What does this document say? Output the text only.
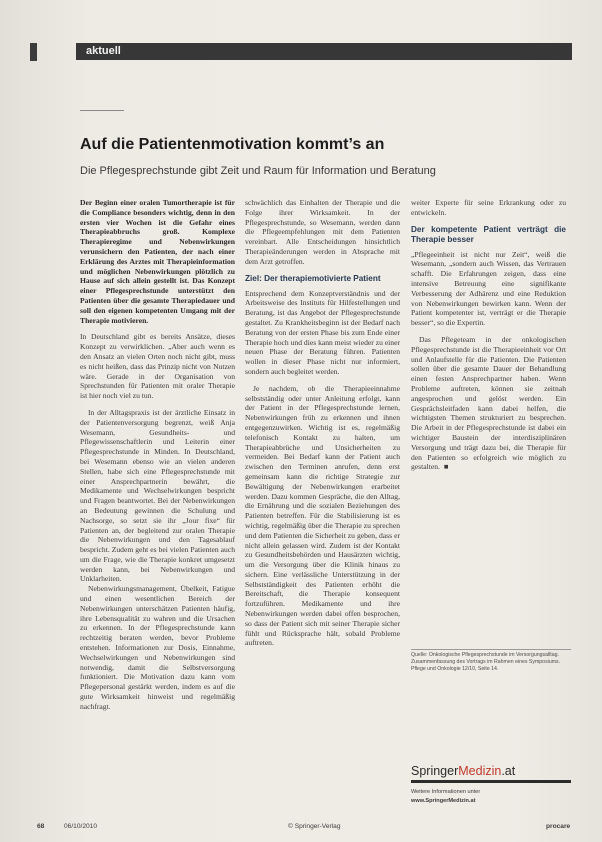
aktuell
Auf die Patientenmotivation kommt’s an
Die Pflegesprechstunde gibt Zeit und Raum für Information und Beratung

Der Beginn einer oralen Tumortherapie ist für die Compliance besonders wichtig, denn in den ersten vier Wochen ist die Gefahr eines Therapieabbruchs groß. Komplexe Therapieregime und Nebenwirkungen verunsichern den Patienten, der nach einer Erklärung des Arztes mit Therapieinformation und möglichen Nebenwirkungen plötzlich zu Hause auf sich allein gestellt ist. Das Konzept einer Pflegesprechstunde unterstützt den Patienten über die gesamte Therapiedauer und soll den eigenen kompetenten Umgang mit der Therapie motivieren.

In Deutschland gibt es bereits Ansätze, dieses Konzept zu verwirklichen. „Aber auch wenn es den Ansatz an vielen Orten noch nicht gibt, muss es nicht heißen, dass das Prinzip nicht von Nutzen wäre. Gerade in der Organisation von Sprechstunden für Patienten mit oraler Therapie ist hier noch viel zu tun.

In der Alltagspraxis ist der ärztliche Einsatz in der Patientenversorgung begrenzt, weiß Anja Wesemann, Gesundheits- und Pflegewissenschaftlerin und Leiterin einer Pflegesprechstunde in Minden. In Deutschland, bei Wesemann ebenso wie an vielen anderen Stellen, habe sich eine Pflegesprechstunde mit einer Ansprechpartnerin bewährt, die Medikamente und Wechselwirkungen bespricht und Fragen beantwortet. Bei der Nebenwirkungen an Bedeutung gewinnen die Schulung und Nachsorge, so setzt sie ihr „Jour fixe“ für Patienten an, der begleitend zur oralen Therapie die Nebenwirkungen und den Tagesablauf bespricht. Zudem geht es bei vielen Patienten auch um die Frage, wie die Therapie konkret umgesetzt werden kann, bei Nebenwirkungen und Unklarheiten.

Nebenwirkungsmanagement, Übelkeit, Fatigue und einen wesentlichen Bereich der Nebenwirkungen unterschätzen Patienten häufig, ihre Lebensqualität zu wahren und die Ursachen zu erkennen. In der Pflegesprechstunde kann rechtzeitig beraten werden, bevor Probleme entstehen. Informationen zur Dosis, Einnahme, Wechselwirkungen und Nebenwirkungen sind notwendig, damit die Selbstversorgung funktioniert. Die Motivation dazu kann vom Pflegepersonal gestärkt werden, indem es auf die gute Wirksamkeit hinweist und regelmäßig nachfragt.

schwächlich das Einhalten der Therapie und die Folge ihrer Wirksamkeit. In der Pflegesprechstunde, so Wesemann, werden dann die Pflegeempfehlungen mit dem Patienten vereinbart. Alle Entscheidungen hinsichtlich Therapieänderungen werden in Absprache mit dem Arzt getroffen.

Ziel: Der therapiemotivierte Patient

Entsprechend dem Konzeptverständnis und der Arbeitsweise des Instituts für Hilfestellungen und Beratung, ist das Angebot der Pflegesprechstunde gestaltet. Zu Krankheitsbeginn ist der Bedarf nach Beratung von der ersten Phase bis zum Ende einer Therapie hoch und dies kann meist wieder zu einer neuen Phase der Beratung führen. Patienten wollen in dieser Phase nicht nur informiert, sondern auch begleitet werden.

Je nachdem, ob die Therapieeinnahme selbstständig oder unter Anleitung erfolgt, kann der Patient in der Pflegesprechstunde lernen, Nebenwirkungen früh zu erkennen und ihnen entgegenzuwirken. Wichtig ist es, regelmäßig telefonisch Kontakt zu halten, um Therapieabbrüche und Unsicherheiten zu vermeiden. Bei Bedarf kann der Patient auch zwischen den Terminen anrufen, denn erst gemeinsam kann die richtige Strategie zur Bewältigung der Nebenwirkungen erarbeitet werden. Dazu kommen Gespräche, die den Alltag, die Ernährung und die sozialen Beziehungen des Patienten betreffen. Für die Stabilisierung ist es wichtig, regelmäßig über die Therapie zu sprechen und dem Patienten die Sicherheit zu geben, dass er nicht allein gelassen wird. Zudem ist der Kontakt zu Gesundheitsbehörden und Hausärzten wichtig, um die Versorgung über die Klinik hinaus zu sichern. Eine verlässliche Unterstützung in der Selbstständigkeit des Patienten erhöht die Bereitschaft, die Therapie konsequent fortzuführen. Medikamente und ihre Nebenwirkungen werden dabei offen besprochen, so dass der Patient sich mit seiner Therapie sicher fühlt und Rücksprache hält, sobald Probleme auftreten.

weiter Experte für seine Erkrankung oder zu entwickeln.

Der kompetente Patient verträgt die Therapie besser

„Pflegeeinheit ist nicht nur Zeit“, weiß die Wesemann, „sondern auch Wissen, das Vertrauen schafft. Die Erfahrungen zeigen, dass eine intensive Betreuung eine signifikante Verbesserung der Adhärenz und eine Reduktion von Nebenwirkungen bewirken kann. Wenn der Patient kompetenter ist, verträgt er die Therapie besser“, so die Expertin.

Das Pflegeteam in der onkologischen Pflegesprechstunde ist die Therapieeinheit vor Ort und Anlaufstelle für die Patienten. Die Patienten sollen über die gesamte Dauer der Behandlung einen festen Ansprechpartner haben. Wenn Probleme auftreten, können sie zeitnah angesprochen und gelöst werden. Ein Gesprächsleitfaden kann dabei helfen, die wichtigsten Themen strukturiert zu besprechen. Die Arbeit in der Pflegesprechstunde ist dabei ein wichtiger Baustein der interdisziplinären Versorgung und trägt dazu bei, die Therapie für den Patienten so erfolgreich wie möglich zu gestalten. ■

Quelle: Onkologische Pflegesprechstunde im Versorgungsalltag. Zusammenfassung des Vortrags im Rahmen eines Symposiums. Pflege und Onkologie 12/10, Seite 14.
SpringerMedizin.at
Weitere Informationen unter
www.SpringerMedizin.at
68	06/10/2010	© Springer-Verlag	procare
